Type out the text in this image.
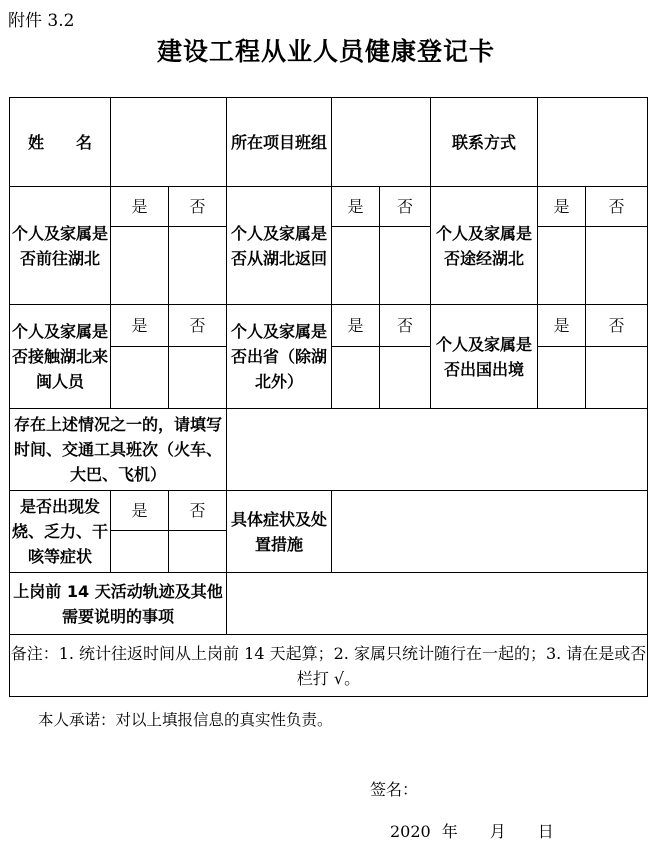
附件 3.2
建设工程从业人员健康登记卡
姓　　名			所在项目班组			联系方式		
个人及家属是否前往湖北	是	否	个人及家属是否从湖北返回	是	否	个人及家属是否途经湖北	是	否

个人及家属是否接触湖北来闽人员	是	否	个人及家属是否出省（除湖北外）	是	否	个人及家属是否出国出境	是	否

存在上述情况之一的，请填写时间、交通工具班次（火车、大巴、飞机）								
是否出现发烧、乏力、干咳等症状	是	否	具体症状及处置措施					

上岗前 14 天活动轨迹及其他需要说明的事项								
备注：1. 统计往返时间从上岗前 14 天起算；2. 家属只统计随行在一起的；3. 请在是或否栏打 √。								
本人承诺：对以上填报信息的真实性负责。
签名：
2020 年　　月　　日
